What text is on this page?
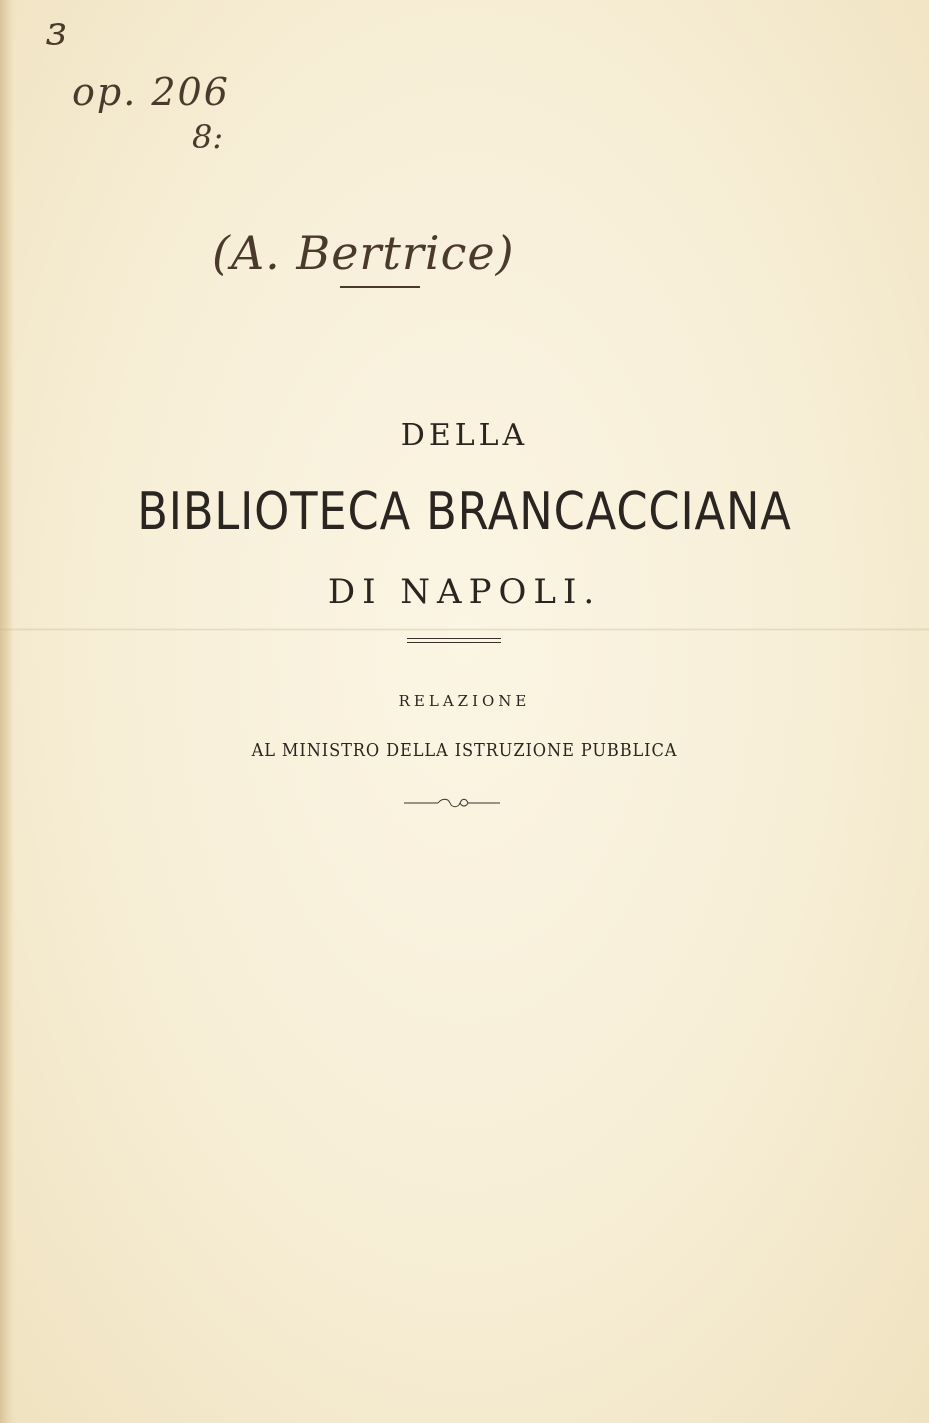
ɜ
op. 206
8:
(A. Bertrice)
DELLA
BIBLIOTECA BRANCACCIANA
DI NAPOLI.
RELAZIONE
AL MINISTRO DELLA ISTRUZIONE PUBBLICA
